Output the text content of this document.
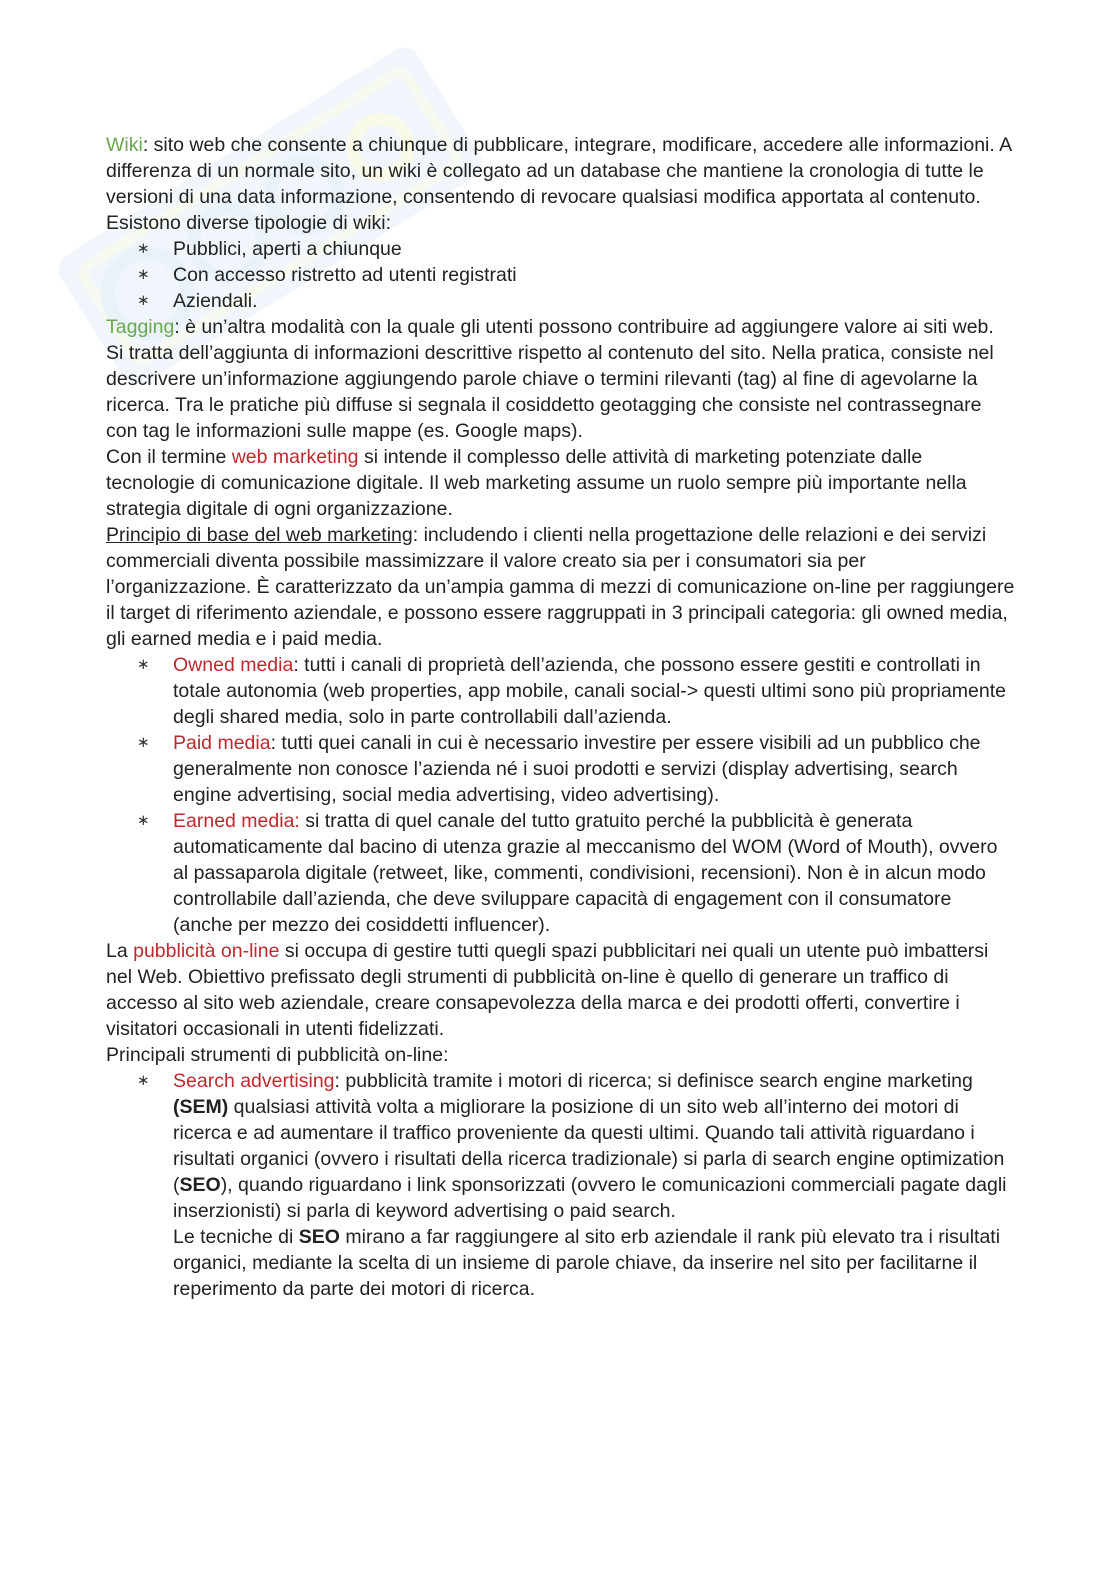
Wiki: sito web che consente a chiunque di pubblicare, integrare, modificare, accedere alle informazioni. A differenza di un normale sito, un wiki è collegato ad un database che mantiene la cronologia di tutte le versioni di una data informazione, consentendo di revocare qualsiasi modifica apportata al contenuto.

Esistono diverse tipologie di wiki:

∗ Pubblici, aperti a chiunque
∗ Con accesso ristretto ad utenti registrati
∗ Aziendali.

Tagging: è un’altra modalità con la quale gli utenti possono contribuire ad aggiungere valore ai siti web. Si tratta dell’aggiunta di informazioni descrittive rispetto al contenuto del sito. Nella pratica, consiste nel descrivere un’informazione aggiungendo parole chiave o termini rilevanti (tag) al fine di agevolarne la ricerca. Tra le pratiche più diffuse si segnala il cosiddetto geotagging che consiste nel contrassegnare con tag le informazioni sulle mappe (es. Google maps).

Con il termine web marketing si intende il complesso delle attività di marketing potenziate dalle tecnologie di comunicazione digitale. Il web marketing assume un ruolo sempre più importante nella strategia digitale di ogni organizzazione.

Principio di base del web marketing: includendo i clienti nella progettazione delle relazioni e dei servizi commerciali diventa possibile massimizzare il valore creato sia per i consumatori sia per l’organizzazione. È caratterizzato da un’ampia gamma di mezzi di comunicazione on-line per raggiungere il target di riferimento aziendale, e possono essere raggruppati in 3 principali categoria: gli owned media, gli earned media e i paid media.

∗ Owned media: tutti i canali di proprietà dell’azienda, che possono essere gestiti e controllati in totale autonomia (web properties, app mobile, canali social-> questi ultimi sono più propriamente degli shared media, solo in parte controllabili dall’azienda.
∗ Paid media: tutti quei canali in cui è necessario investire per essere visibili ad un pubblico che generalmente non conosce l’azienda né i suoi prodotti e servizi (display advertising, search engine advertising, social media advertising, video advertising).
∗ Earned media: si tratta di quel canale del tutto gratuito perché la pubblicità è generata automaticamente dal bacino di utenza grazie al meccanismo del WOM (Word of Mouth), ovvero al passaparola digitale (retweet, like, commenti, condivisioni, recensioni). Non è in alcun modo controllabile dall’azienda, che deve sviluppare capacità di engagement con il consumatore (anche per mezzo dei cosiddetti influencer).

La pubblicità on-line si occupa di gestire tutti quegli spazi pubblicitari nei quali un utente può imbattersi nel Web. Obiettivo prefissato degli strumenti di pubblicità on-line è quello di generare un traffico di accesso al sito web aziendale, creare consapevolezza della marca e dei prodotti offerti, convertire i visitatori occasionali in utenti fidelizzati.

Principali strumenti di pubblicità on-line:

∗ Search advertising: pubblicità tramite i motori di ricerca; si definisce search engine marketing (SEM) qualsiasi attività volta a migliorare la posizione di un sito web all’interno dei motori di ricerca e ad aumentare il traffico proveniente da questi ultimi. Quando tali attività riguardano i risultati organici (ovvero i risultati della ricerca tradizionale) si parla di search engine optimization (SEO), quando riguardano i link sponsorizzati (ovvero le comunicazioni commerciali pagate dagli inserzionisti) si parla di keyword advertising o paid search.
Le tecniche di SEO mirano a far raggiungere al sito erb aziendale il rank più elevato tra i risultati organici, mediante la scelta di un insieme di parole chiave, da inserire nel sito per facilitarne il reperimento da parte dei motori di ricerca.
